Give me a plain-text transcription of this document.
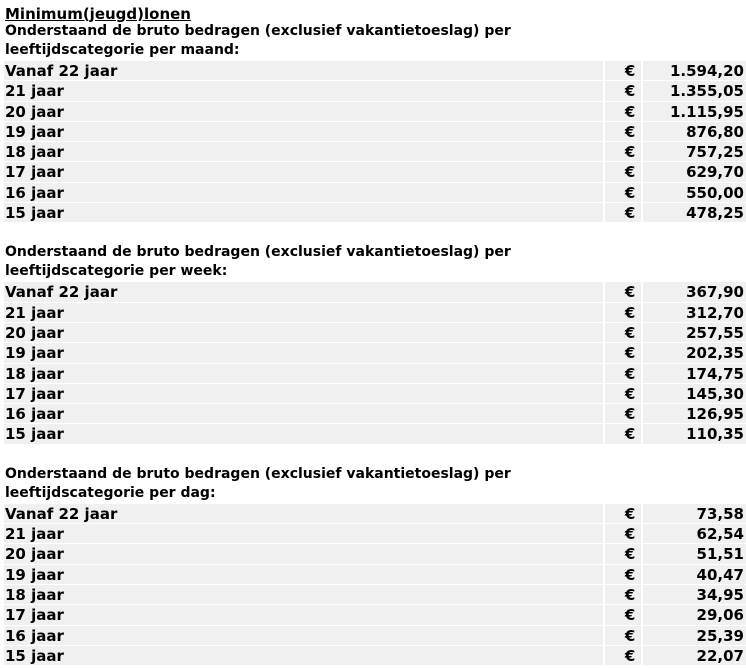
Minimum(jeugd)lonen
Onderstaand de bruto bedragen (exclusief vakantietoeslag) per
leeftijdscategorie per maand:
Vanaf 22 jaar	€	1.594,20
21 jaar	€	1.355,05
20 jaar	€	1.115,95
19 jaar	€	876,80
18 jaar	€	757,25
17 jaar	€	629,70
16 jaar	€	550,00
15 jaar	€	478,25
Onderstaand de bruto bedragen (exclusief vakantietoeslag) per
leeftijdscategorie per week:
Vanaf 22 jaar	€	367,90
21 jaar	€	312,70
20 jaar	€	257,55
19 jaar	€	202,35
18 jaar	€	174,75
17 jaar	€	145,30
16 jaar	€	126,95
15 jaar	€	110,35
Onderstaand de bruto bedragen (exclusief vakantietoeslag) per
leeftijdscategorie per dag:
Vanaf 22 jaar	€	73,58
21 jaar	€	62,54
20 jaar	€	51,51
19 jaar	€	40,47
18 jaar	€	34,95
17 jaar	€	29,06
16 jaar	€	25,39
15 jaar	€	22,07
